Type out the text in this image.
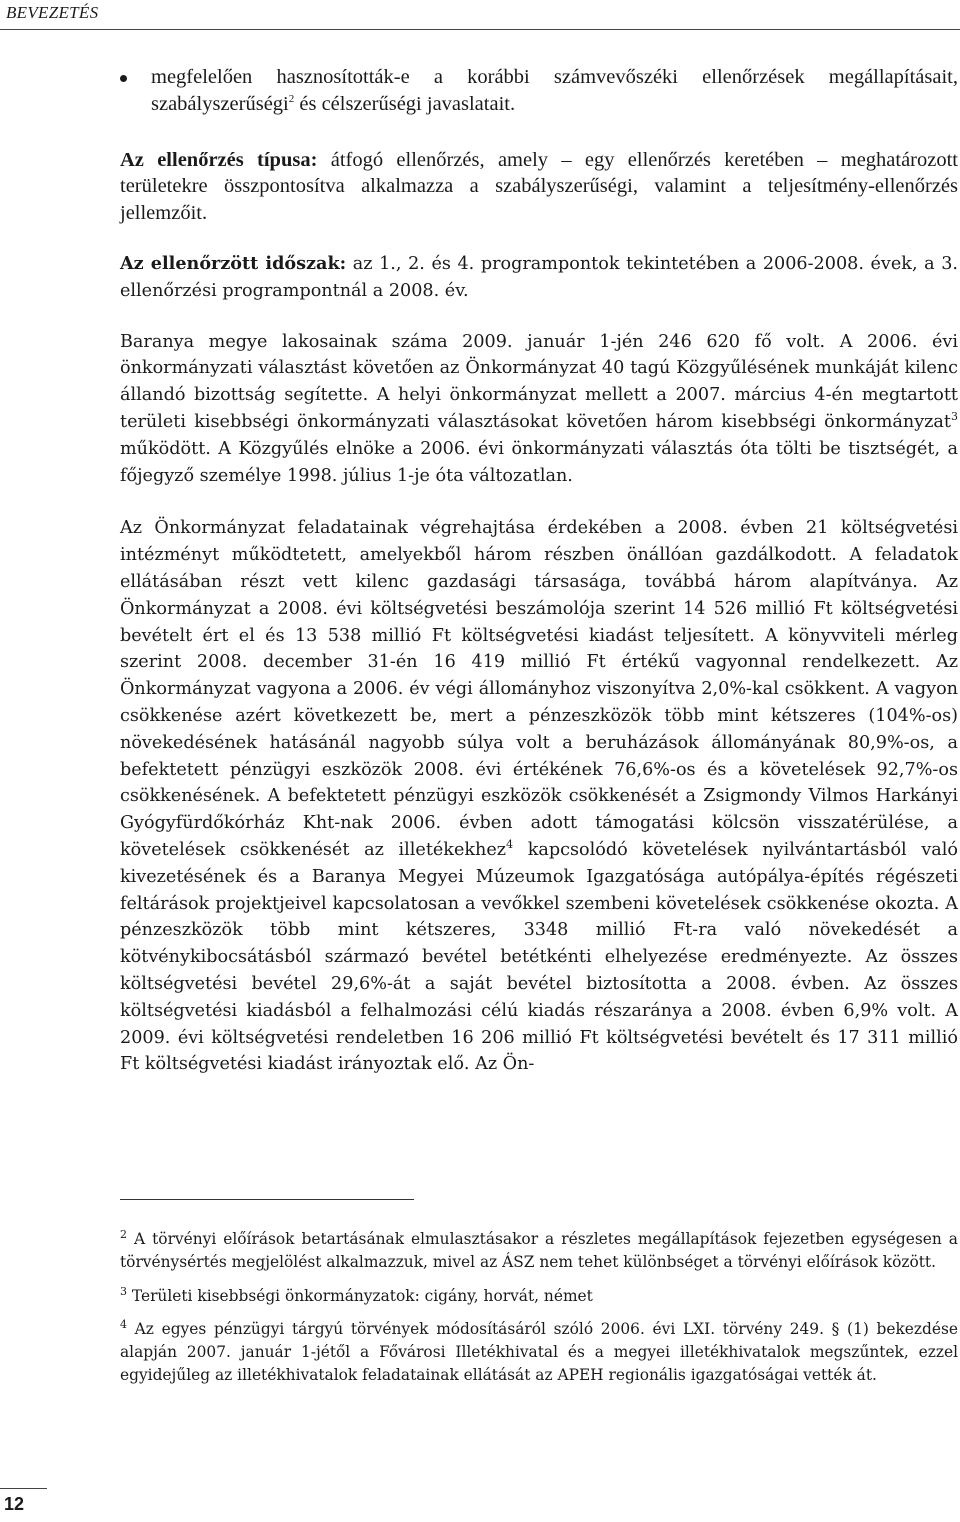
BEVEZETÉS
megfelelően hasznosították-e a korábbi számvevőszéki ellenőrzések megállapításait, szabályszerűségi$^2$ és célszerűségi javaslatait.

Az ellenőrzés típusa: átfogó ellenőrzés, amely – egy ellenőrzés keretében – meghatározott területekre összpontosítva alkalmazza a szabályszerűségi, valamint a teljesítmény-ellenőrzés jellemzőit.

Az ellenőrzött időszak: az 1., 2. és 4. programpontok tekintetében a 2006-2008. évek, a 3. ellenőrzési programpontnál a 2008. év.

Baranya megye lakosainak száma 2009. január 1-jén 246 620 fő volt. A 2006. évi önkormányzati választást követően az Önkormányzat 40 tagú Közgyűlésének munkáját kilenc állandó bizottság segítette. A helyi önkormányzat mellett a 2007. március 4-én megtartott területi kisebbségi önkormányzati választásokat követően három kisebbségi önkormányzat$^3$ működött. A Közgyűlés elnöke a 2006. évi önkormányzati választás óta tölti be tisztségét, a főjegyző személye 1998. július 1-je óta változatlan.

Az Önkormányzat feladatainak végrehajtása érdekében a 2008. évben 21 költségvetési intézményt működtetett, amelyekből három részben önállóan gazdálkodott. A feladatok ellátásában részt vett kilenc gazdasági társasága, továbbá három alapítványa. Az Önkormányzat a 2008. évi költségvetési beszámolója szerint 14 526 millió Ft költségvetési bevételt ért el és 13 538 millió Ft költségvetési kiadást teljesített. A könyvviteli mérleg szerint 2008. december 31-én 16 419 millió Ft értékű vagyonnal rendelkezett. Az Önkormányzat vagyona a 2006. év végi állományhoz viszonyítva 2,0%-kal csökkent. A vagyon csökkenése azért következett be, mert a pénzeszközök több mint kétszeres (104%-os) növekedésének hatásánál nagyobb súlya volt a beruházások állományának 80,9%-os, a befektetett pénzügyi eszközök 2008. évi értékének 76,6%-os és a követelések 92,7%-os csökkenésének. A befektetett pénzügyi eszközök csökkenését a Zsigmondy Vilmos Harkányi Gyógyfürdőkórház Kht-nak 2006. évben adott támogatási kölcsön visszatérülése, a követelések csökkenését az illetékekhez$^4$ kapcsolódó követelések nyilvántartásból való kivezetésének és a Baranya Megyei Múzeumok Igazgatósága autópálya-építés régészeti feltárások projektjeivel kapcsolatosan a vevőkkel szembeni követelések csökkenése okozta. A pénzeszközök több mint kétszeres, 3348 millió Ft-ra való növekedését a kötvénykibocsátásból származó bevétel betétkénti elhelyezése eredményezte. Az összes költségvetési bevétel 29,6%-át a saját bevétel biztosította a 2008. évben. Az összes költségvetési kiadásból a felhalmozási célú kiadás részaránya a 2008. évben 6,9% volt. A 2009. évi költségvetési rendeletben 16 206 millió Ft költségvetési bevételt és 17 311 millió Ft költségvetési kiadást irányoztak elő. Az Ön-

$^2$ A törvényi előírások betartásának elmulasztásakor a részletes megállapítások fejezetben egységesen a törvénysértés megjelölést alkalmazzuk, mivel az ÁSZ nem tehet különbséget a törvényi előírások között.

$^3$ Területi kisebbségi önkormányzatok: cigány, horvát, német

$^4$ Az egyes pénzügyi tárgyú törvények módosításáról szóló 2006. évi LXI. törvény 249. § (1) bekezdése alapján 2007. január 1-jétől a Fővárosi Illetékhivatal és a megyei illetékhivatalok megszűntek, ezzel egyidejűleg az illetékhivatalok feladatainak ellátását az APEH regionális igazgatóságai vették át.

12
